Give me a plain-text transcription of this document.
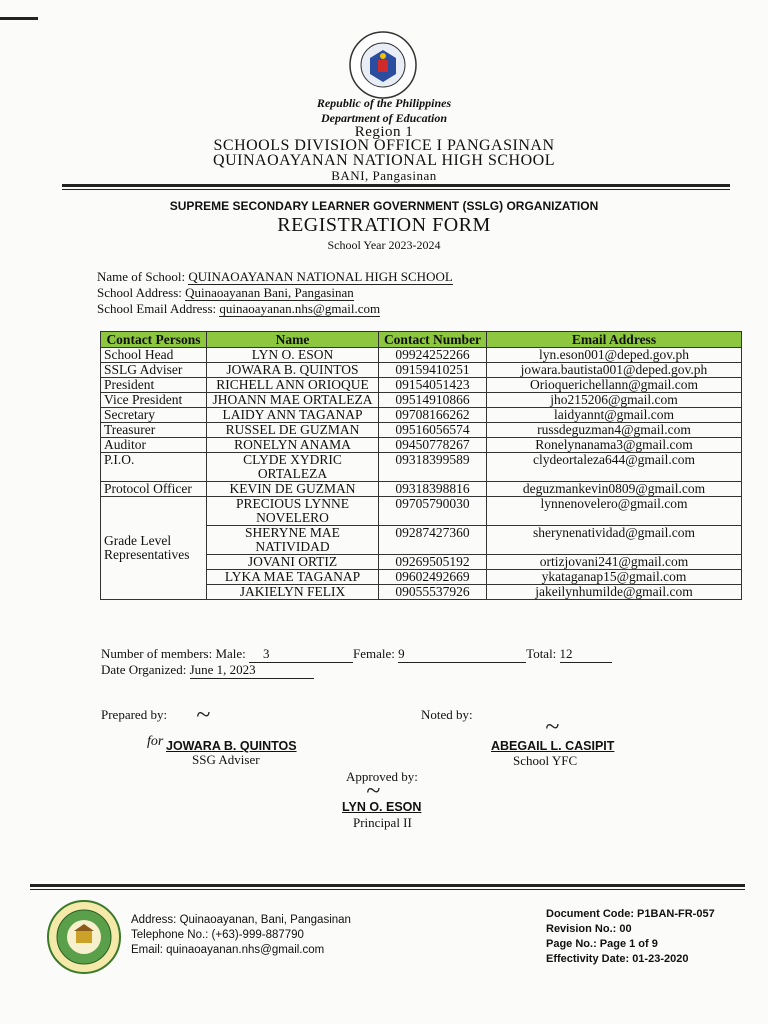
Republic of the Philippines
Department of Education
Region 1
SCHOOLS DIVISION OFFICE I PANGASINAN
QUINAOAYANAN NATIONAL HIGH SCHOOL
BANI, Pangasinan
SUPREME SECONDARY LEARNER GOVERNMENT (SSLG) ORGANIZATION
REGISTRATION FORM
School Year 2023-2024
Name of School: QUINAOAYANAN NATIONAL HIGH SCHOOL
School Address: Quinaoayanan Bani, Pangasinan
School Email Address: quinaoayanan.nhs@gmail.com
Contact Persons	Name	Contact Number	Email Address
School Head	LYN O. ESON	09924252266	lyn.eson001@deped.gov.ph
SSLG Adviser	JOWARA B. QUINTOS	09159410251	jowara.bautista001@deped.gov.ph
President	RICHELL ANN ORIOQUE	09154051423	Orioquerichellann@gmail.com
Vice President	JHOANN MAE ORTALEZA	09514910866	jho215206@gmail.com
Secretary	LAIDY ANN TAGANAP	09708166262	laidyannt@gmail.com
Treasurer	RUSSEL DE GUZMAN	09516056574	russdeguzman4@gmail.com
Auditor	RONELYN ANAMA	09450778267	Ronelynanama3@gmail.com
P.I.O.	CLYDE XYDRIC ORTALEZA	09318399589	clydeortaleza644@gmail.com
Protocol Officer	KEVIN DE GUZMAN	09318398816	deguzmankevin0809@gmail.com
Grade Level Representatives	PRECIOUS LYNNE NOVELERO	09705790030	lynnenovelero@gmail.com
	SHERYNE MAE NATIVIDAD	09287427360	sherynenatividad@gmail.com
	JOVANI ORTIZ	09269505192	ortizjovani241@gmail.com
	LYKA MAE TAGANAP	09602492669	ykataganap15@gmail.com
	JAKIELYN FELIX	09055537926	jakeilynhumilde@gmail.com
Number of members: Male: 3	Female: 9	Total: 12
Date Organized: June 1, 2023
Prepared by: ~
for JOWARA B. QUINTOS
SSG Adviser
Noted by:	~
ABEGAIL L. CASIPIT
School YFC
Approved by:
~
LYN O. ESON
Principal II
Address: Quinaoayanan, Bani, Pangasinan
Telephone No.: (+63)-999-887790
Email: quinaoayanan.nhs@gmail.com
Document Code: P1BAN-FR-057
Revision No.: 00
Page No.: Page 1 of 9
Effectivity Date: 01-23-2020
